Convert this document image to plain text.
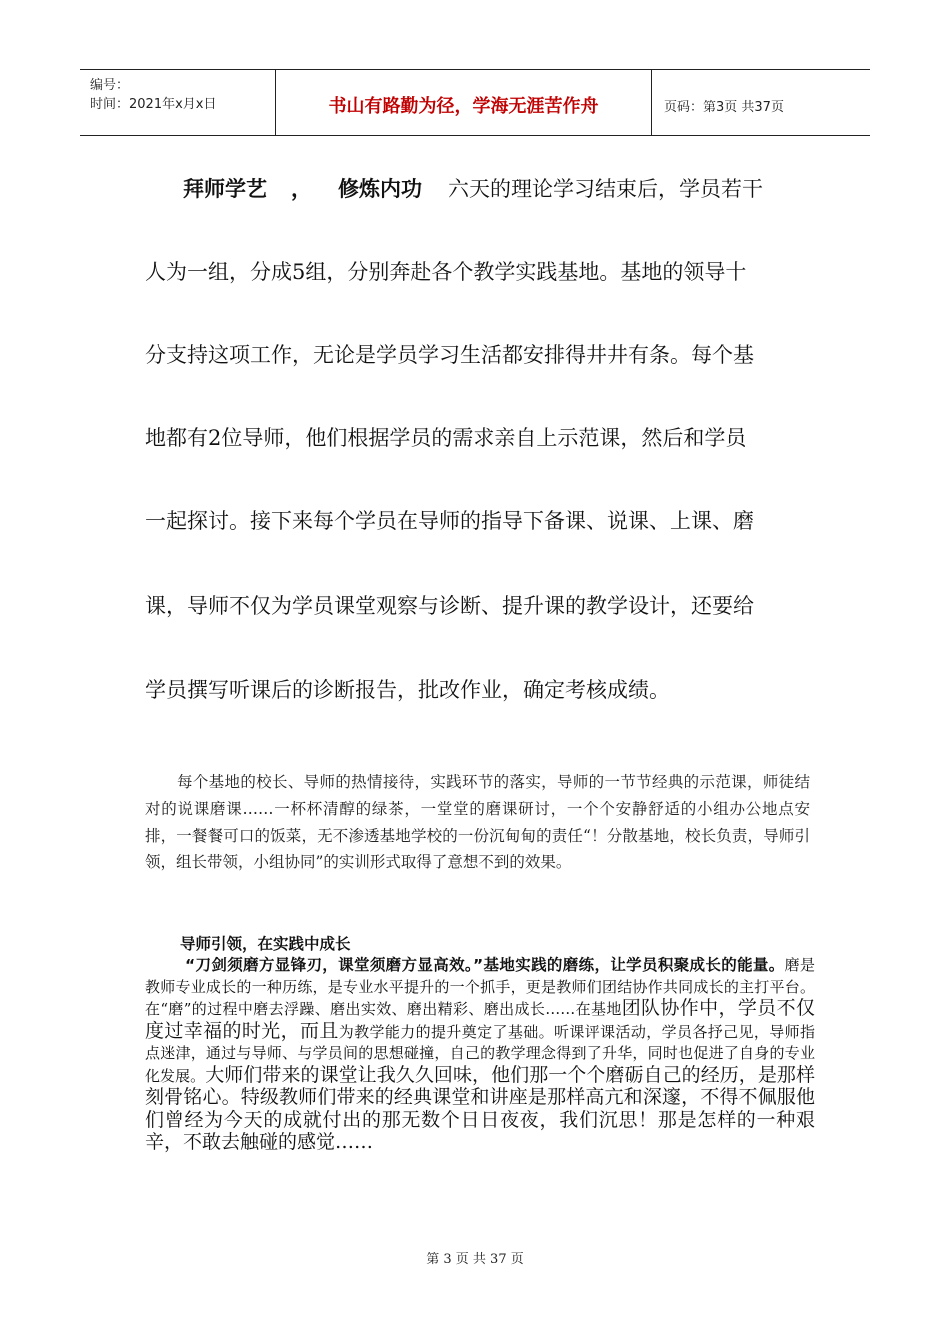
编号：
时间：2021年x月x日	书山有路勤为径，学海无涯苦作舟	页码：第3页 共37页
拜师学艺 ， 修炼内功 六天的理论学习结束后，学员若干
人为一组，分成5组，分别奔赴各个教学实践基地。基地的领导十
分支持这项工作，无论是学员学习生活都安排得井井有条。每个基
地都有2位导师，他们根据学员的需求亲自上示范课，然后和学员
一起探讨。接下来每个学员在导师的指导下备课、说课、上课、磨
课，导师不仅为学员课堂观察与诊断、提升课的教学设计，还要给
学员撰写听课后的诊断报告，批改作业，确定考核成绩。
每个基地的校长、导师的热情接待，实践环节的落实，导师的一节节经典的示范课，师徒结对的说课磨课……一杯杯清醇的绿茶，一堂堂的磨课研讨，一个个安静舒适的小组办公地点安排，一餐餐可口的饭菜，无不渗透基地学校的一份沉甸甸的责任“！分散基地，校长负责，导师引领，组长带领，小组协同”的实训形式取得了意想不到的效果。
导师引领，在实践中成长
“刀剑须磨方显锋刃，课堂须磨方显高效。”基地实践的磨练，让学员积聚成长的能量。磨是教师专业成长的一种历练，是专业水平提升的一个抓手，更是教师们团结协作共同成长的主打平台。在“磨”的过程中磨去浮躁、磨出实效、磨出精彩、磨出成长……在基地团队协作中，学员不仅度过幸福的时光，而且为教学能力的提升奠定了基础。听课评课活动，学员各抒己见，导师指点迷津，通过与导师、与学员间的思想碰撞，自己的教学理念得到了升华，同时也促进了自身的专业化发展。大师们带来的课堂让我久久回味，他们那一个个磨砺自己的经历，是那样刻骨铭心。特级教师们带来的经典课堂和讲座是那样高亢和深邃，不得不佩服他们曾经为今天的成就付出的那无数个日日夜夜，我们沉思！那是怎样的一种艰辛，不敢去触碰的感觉……
第 3 页 共 37 页
